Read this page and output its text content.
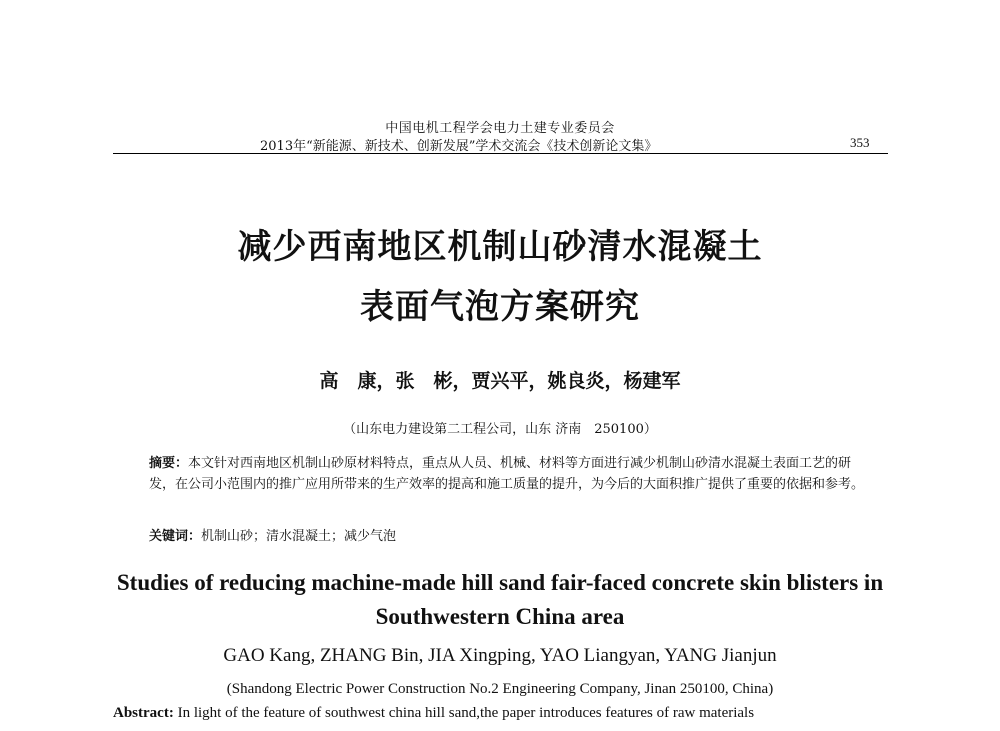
中国电机工程学会电力土建专业委员会
2013年“新能源、新技术、创新发展”学术交流会《技术创新论文集》	353
减少西南地区机制山砂清水混凝土
表面气泡方案研究
高　康，张　彬，贾兴平，姚良炎，杨建军
（山东电力建设第二工程公司，山东 济南　250100）
摘要：本文针对西南地区机制山砂原材料特点，重点从人员、机械、材料等方面进行减少机制山砂清水混凝土表面工艺的研发，在公司小范围内的推广应用所带来的生产效率的提高和施工质量的提升，为今后的大面积推广提供了重要的依据和参考。
关键词：机制山砂；清水混凝土；减少气泡
Studies of reducing machine-made hill sand fair-faced concrete skin blisters in
Southwestern China area
GAO Kang, ZHANG Bin, JIA Xingping, YAO Liangyan, YANG Jianjun
(Shandong Electric Power Construction No.2 Engineering Company, Jinan 250100, China)
Abstract: In light of the feature of southwest china hill sand,the paper introduces features of raw materials
